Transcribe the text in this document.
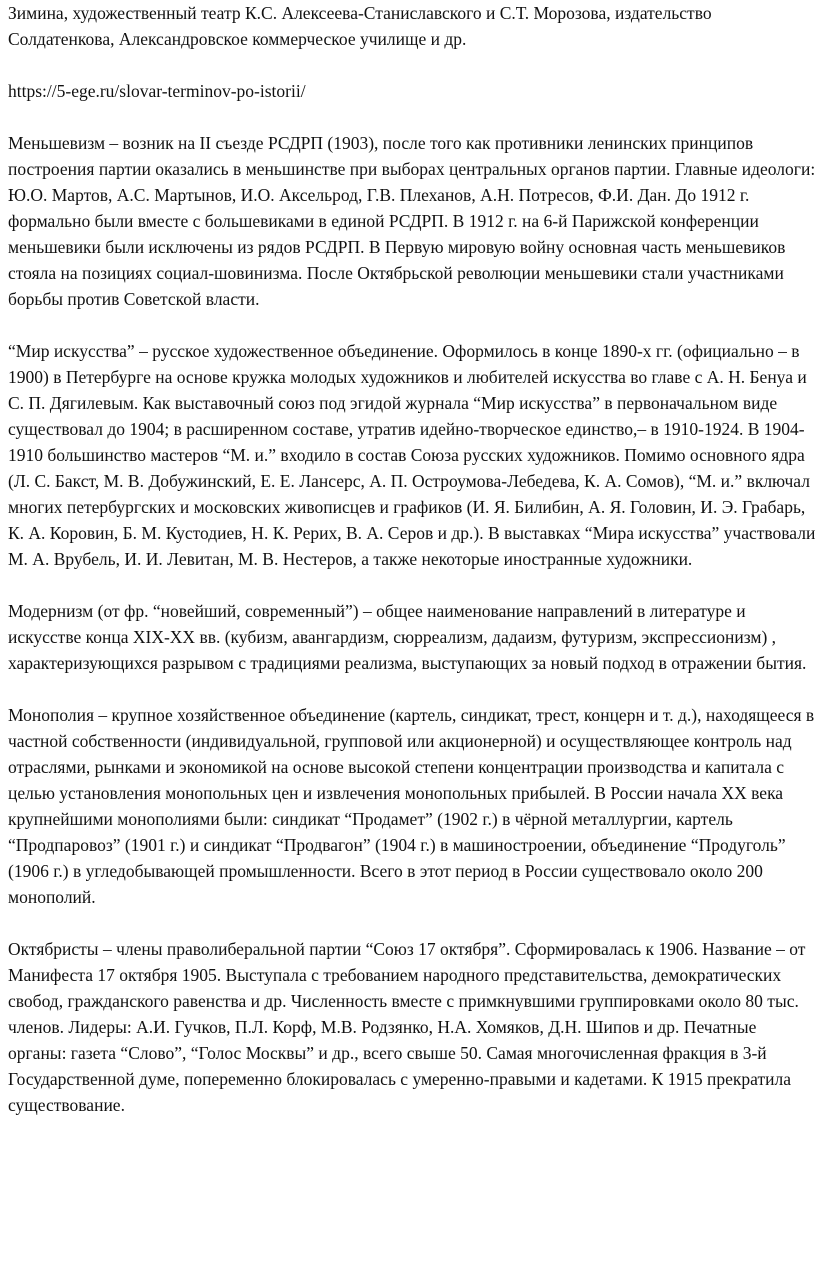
Зимина, художественный театр К.С. Алексеева-Станиславского и С.Т. Морозова, издательство Солдатенкова, Александровское коммерческое училище и др.

https://5-ege.ru/slovar-terminov-po-istorii/

Меньшевизм – возник на II съезде РСДРП (1903), после того как противники ленинских принципов построения партии оказались в меньшинстве при выборах центральных органов партии. Главные идеологи: Ю.О. Мартов, А.С. Мартынов, И.О. Аксельрод, Г.В. Плеханов, А.Н. Потресов, Ф.И. Дан. До 1912 г. формально были вместе с большевиками в единой РСДРП. В 1912 г. на 6-й Парижской конференции меньшевики были исключены из рядов РСДРП. В Первую мировую войну основная часть меньшевиков стояла на позициях социал-шовинизма. После Октябрьской революции меньшевики стали участниками борьбы против Советской власти.

“Мир искусства” – русское художественное объединение. Оформилось в конце 1890-х гг. (официально – в 1900) в Петербурге на основе кружка молодых художников и любителей искусства во главе с А. Н. Бенуа и С. П. Дягилевым. Как выставочный союз под эгидой журнала “Мир искусства” в первоначальном виде существовал до 1904; в расширенном составе, утратив идейно-творческое единство,– в 1910-1924. В 1904-1910 большинство мастеров “М. и.” входило в состав Союза русских художников. Помимо основного ядра (Л. С. Бакст, М. В. Добужинский, Е. Е. Лансерс, А. П. Остроумова-Лебедева, К. А. Сомов), “М. и.” включал многих петербургских и московских живописцев и графиков (И. Я. Билибин, А. Я. Головин, И. Э. Грабарь, К. А. Коровин, Б. М. Кустодиев, Н. К. Рерих, В. А. Серов и др.). В выставках “Мира искусства” участвовали М. А. Врубель, И. И. Левитан, М. В. Нестеров, а также некоторые иностранные художники.

Модернизм (от фр. “новейший, современный”) – общее наименование направлений в литературе и искусстве конца XIX-XX вв. (кубизм, авангардизм, сюрреализм, дадаизм, футуризм, экспрессионизм) , характеризующихся разрывом с традициями реализма, выступающих за новый подход в отражении бытия.

Монополия – крупное хозяйственное объединение (картель, синдикат, трест, концерн и т. д.), находящееся в частной собственности (индивидуальной, групповой или акционерной) и осуществляющее контроль над отраслями, рынками и экономикой на основе высокой степени концентрации производства и капитала с целью установления монопольных цен и извлечения монопольных прибылей. В России начала XX века крупнейшими монополиями были: синдикат “Продамет” (1902 г.) в чёрной металлургии, картель “Продпаровоз” (1901 г.) и синдикат “Продвагон” (1904 г.) в машиностроении, объединение “Продуголь” (1906 г.) в угледобывающей промышленности. Всего в этот период в России существовало около 200 монополий.

Октябристы – члены праволиберальной партии “Союз 17 октября”. Сформировалась к 1906. Название – от Манифеста 17 октября 1905. Выступала с требованием народного представительства, демократических свобод, гражданского равенства и др. Численность вместе с примкнувшими группировками около 80 тыс. членов. Лидеры: А.И. Гучков, П.Л. Корф, М.В. Родзянко, Н.А. Хомяков, Д.Н. Шипов и др. Печатные органы: газета “Слово”, “Голос Москвы” и др., всего свыше 50. Самая многочисленная фракция в 3-й Государственной думе, попеременно блокировалась с умеренно-правыми и кадетами. К 1915 прекратила существование.
